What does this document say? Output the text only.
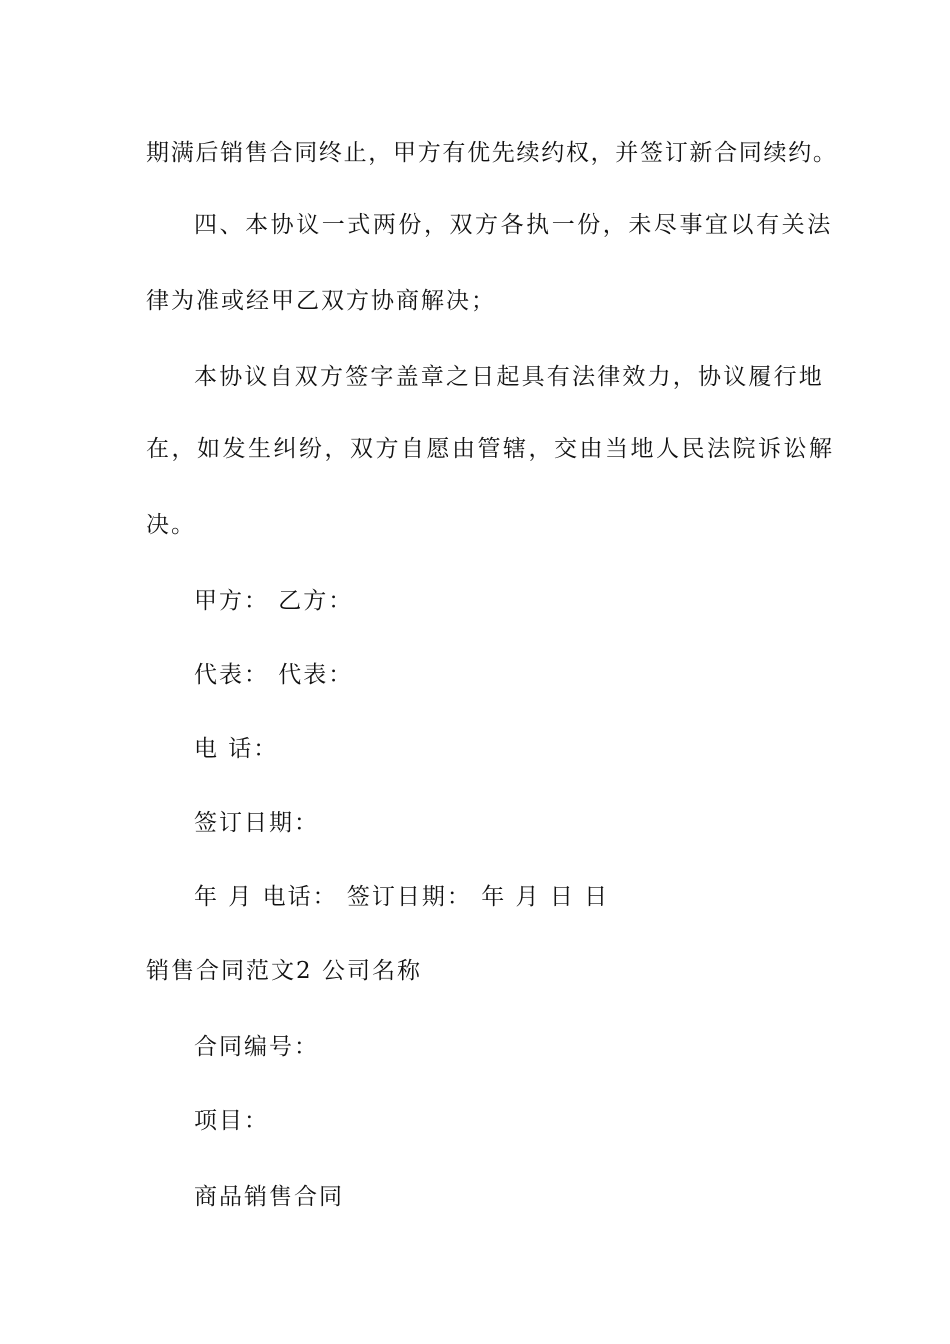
期满后销售合同终止，甲方有优先续约权，并签订新合同续约。
四、本协议一式两份，双方各执一份，未尽事宜以有关法
律为准或经甲乙双方协商解决；
本协议自双方签字盖章之日起具有法律效力，协议履行地
在，如发生纠纷，双方自愿由管辖，交由当地人民法院诉讼解
决。
甲方： 乙方：
代表： 代表：
电 话：
签订日期：
年 月 电话： 签订日期： 年 月 日 日
销售合同范文2 公司名称
合同编号：
项目：
商品销售合同
